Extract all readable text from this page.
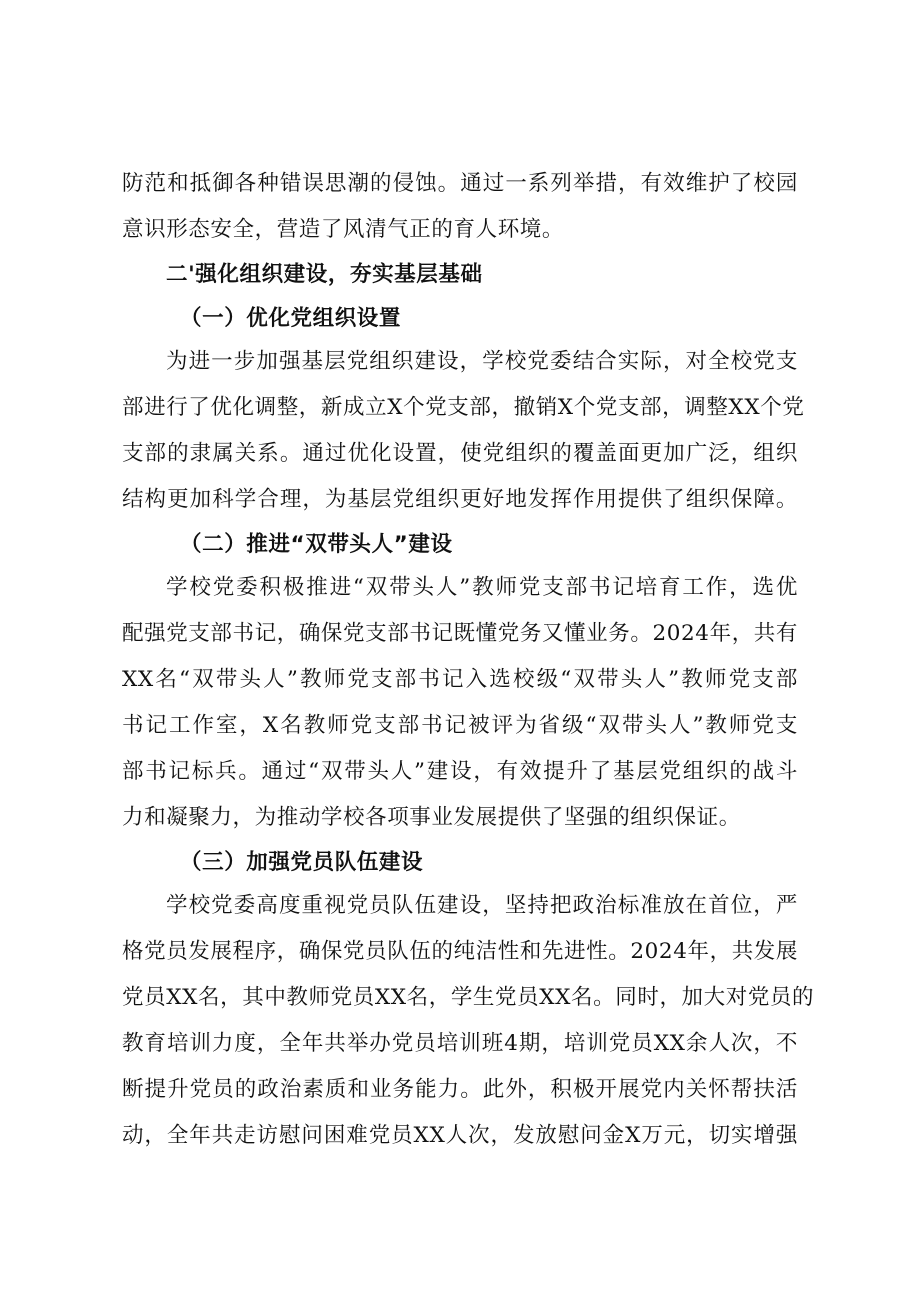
防范和抵御各种错误思潮的侵蚀。通过一系列举措，有效维护了校园
意识形态安全，营造了风清气正的育人环境。
二'强化组织建设，夯实基层基础
（一）优化党组织设置
为进一步加强基层党组织建设，学校党委结合实际，对全校党支
部进行了优化调整，新成立X个党支部，撤销X个党支部，调整XX个党
支部的隶属关系。通过优化设置，使党组织的覆盖面更加广泛，组织
结构更加科学合理，为基层党组织更好地发挥作用提供了组织保障。
（二）推进“双带头人”建设
学校党委积极推进“双带头人”教师党支部书记培育工作，选优
配强党支部书记，确保党支部书记既懂党务又懂业务。2024年，共有
XX名“双带头人”教师党支部书记入选校级“双带头人”教师党支部
书记工作室，X名教师党支部书记被评为省级“双带头人”教师党支
部书记标兵。通过“双带头人”建设，有效提升了基层党组织的战斗
力和凝聚力，为推动学校各项事业发展提供了坚强的组织保证。
（三）加强党员队伍建设
学校党委高度重视党员队伍建设，坚持把政治标准放在首位，严
格党员发展程序，确保党员队伍的纯洁性和先进性。2024年，共发展
党员XX名，其中教师党员XX名，学生党员XX名。同时，加大对党员的
教育培训力度，全年共举办党员培训班4期，培训党员XX余人次，不
断提升党员的政治素质和业务能力。此外，积极开展党内关怀帮扶活
动，全年共走访慰问困难党员XX人次，发放慰问金X万元，切实增强
